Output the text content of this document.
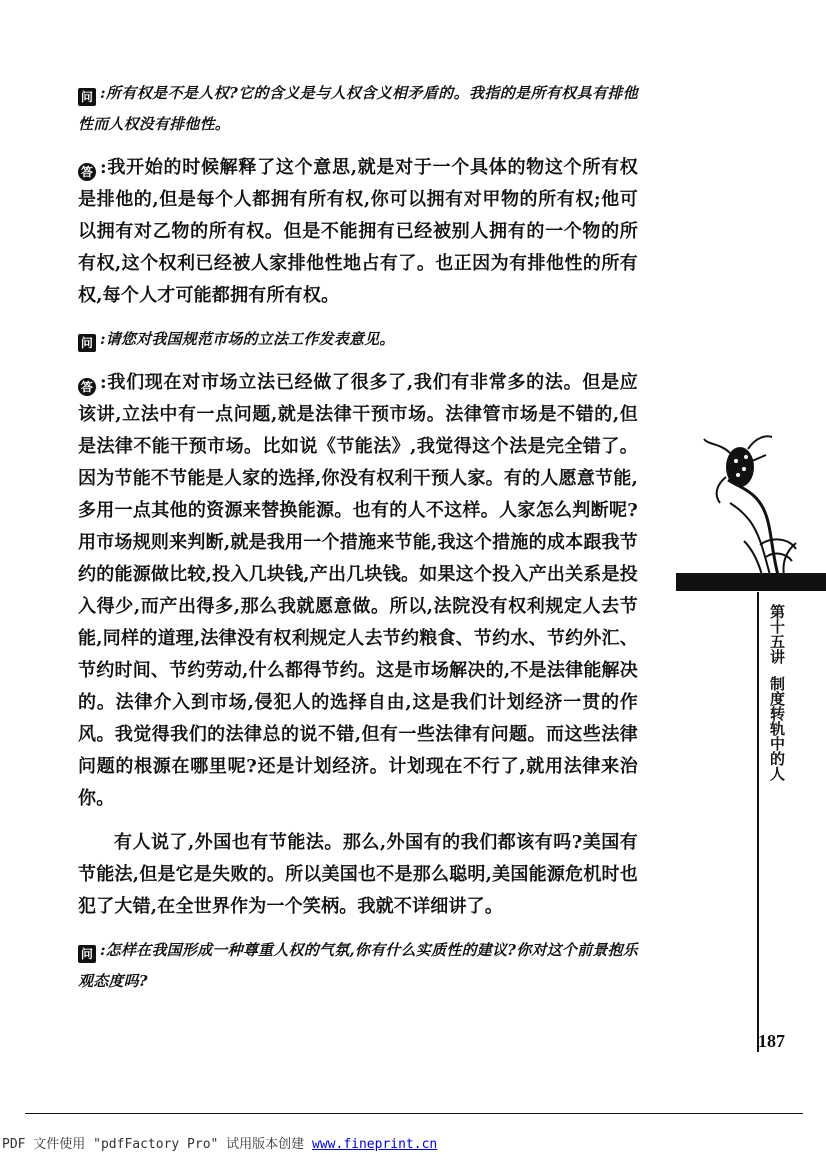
问 :所有权是不是人权?它的含义是与人权含义相矛盾的。我指的是所有权具有排他性而人权没有排他性。

答 :我开始的时候解释了这个意思,就是对于一个具体的物这个所有权是排他的,但是每个人都拥有所有权,你可以拥有对甲物的所有权;他可以拥有对乙物的所有权。但是不能拥有已经被别人拥有的一个物的所有权,这个权利已经被人家排他性地占有了。也正因为有排他性的所有权,每个人才可能都拥有所有权。

问 :请您对我国规范市场的立法工作发表意见。

答 :我们现在对市场立法已经做了很多了,我们有非常多的法。但是应该讲,立法中有一点问题,就是法律干预市场。法律管市场是不错的,但是法律不能干预市场。比如说《节能法》,我觉得这个法是完全错了。因为节能不节能是人家的选择,你没有权利干预人家。有的人愿意节能,多用一点其他的资源来替换能源。也有的人不这样。人家怎么判断呢?用市场规则来判断,就是我用一个措施来节能,我这个措施的成本跟我节约的能源做比较,投入几块钱,产出几块钱。如果这个投入产出关系是投入得少,而产出得多,那么我就愿意做。所以,法院没有权利规定人去节能,同样的道理,法律没有权利规定人去节约粮食、节约水、节约外汇、节约时间、节约劳动,什么都得节约。这是市场解决的,不是法律能解决的。法律介入到市场,侵犯人的选择自由,这是我们计划经济一贯的作风。我觉得我们的法律总的说不错,但有一些法律有问题。而这些法律问题的根源在哪里呢?还是计划经济。计划现在不行了,就用法律来治你。

有人说了,外国也有节能法。那么,外国有的我们都该有吗?美国有节能法,但是它是失败的。所以美国也不是那么聪明,美国能源危机时也犯了大错,在全世界作为一个笑柄。我就不详细讲了。

问 :怎样在我国形成一种尊重人权的气氛,你有什么实质性的建议?你对这个前景抱乐观态度吗?

第十五讲制度转轨中的人
187
PDF 文件使用 "pdfFactory Pro" 试用版本创建 www.fineprint.cn
